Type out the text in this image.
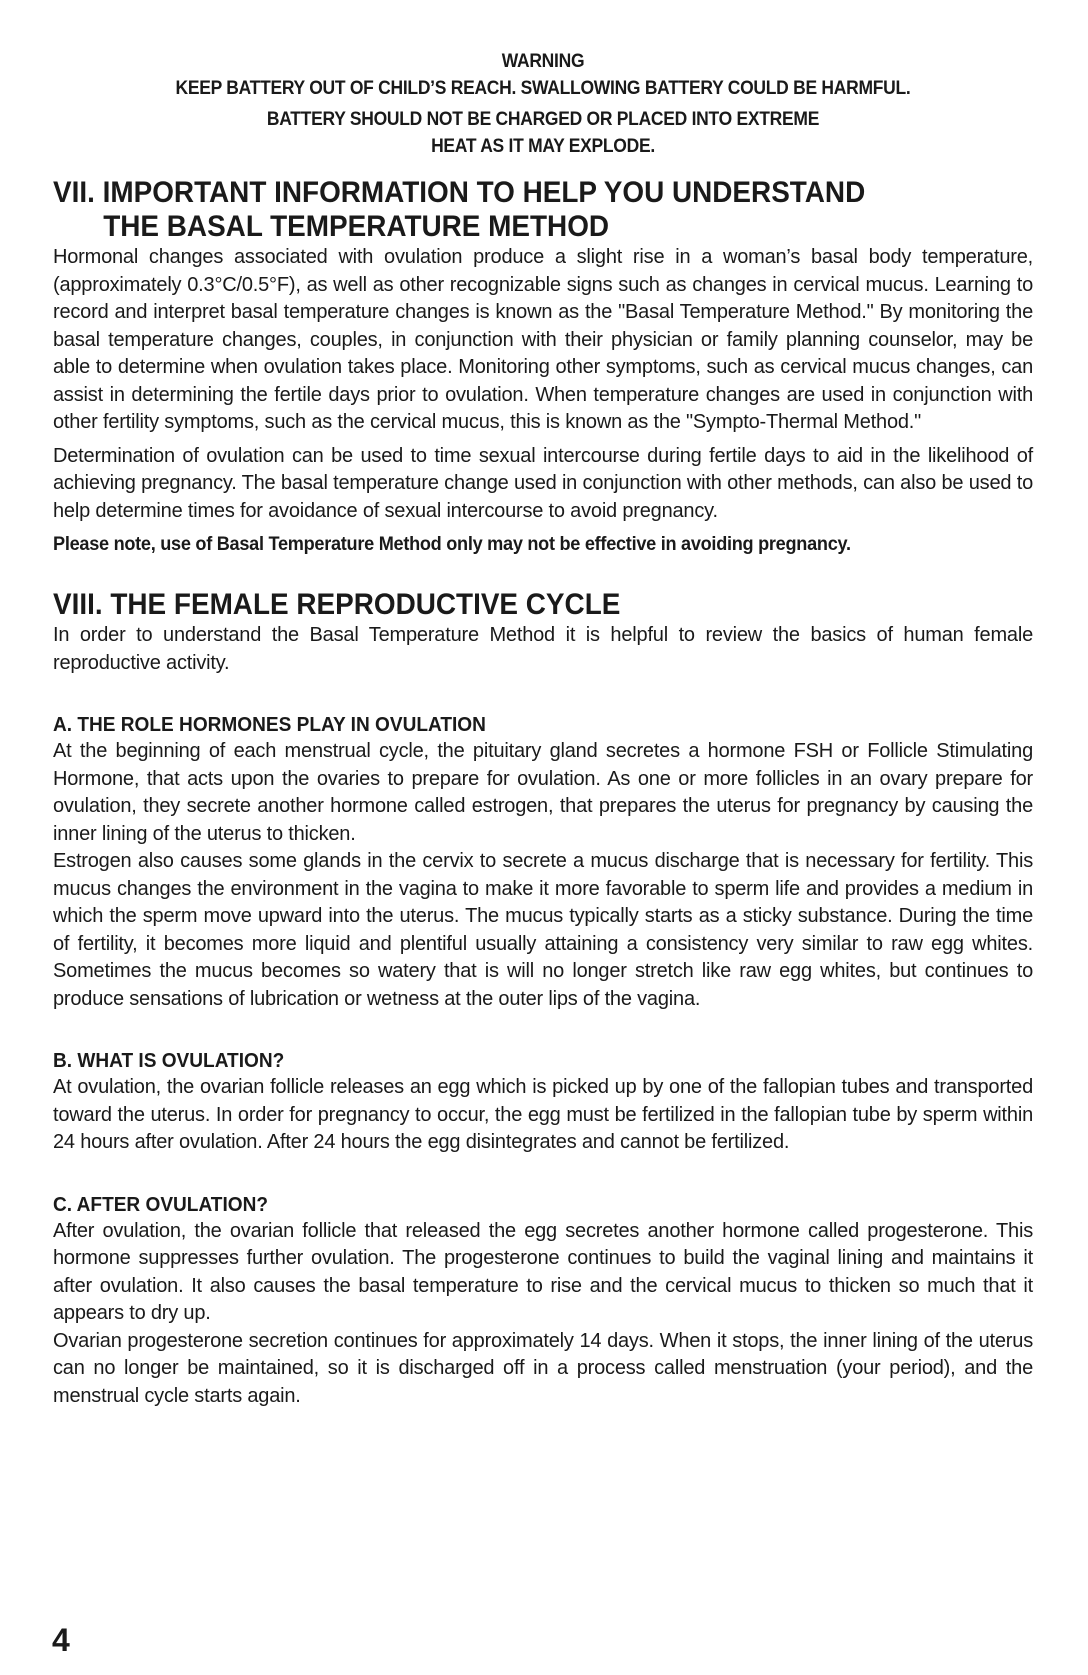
WARNING
KEEP BATTERY OUT OF CHILD’S REACH. SWALLOWING BATTERY COULD BE HARMFUL.
BATTERY SHOULD NOT BE CHARGED OR PLACED INTO EXTREME
HEAT AS IT MAY EXPLODE.
VII. IMPORTANT INFORMATION TO HELP YOU UNDERSTAND
THE BASAL TEMPERATURE METHOD

Hormonal changes associated with ovulation produce a slight rise in a woman’s basal body temperature, (approximately 0.3°C/0.5°F), as well as other recognizable signs such as changes in cervical mucus. Learning to record and interpret basal temperature changes is known as the "Basal Temperature Method." By monitoring the basal temperature changes, couples, in conjunction with their physician or family planning counselor, may be able to determine when ovulation takes place. Monitoring other symptoms, such as cervical mucus changes, can assist in determining the fertile days prior to ovulation. When temperature changes are used in conjunction with other fertility symptoms, such as the cervical mucus, this is known as the "Sympto-Thermal Method."

Determination of ovulation can be used to time sexual intercourse during fertile days to aid in the likelihood of achieving pregnancy. The basal temperature change used in conjunction with other methods, can also be used to help determine times for avoidance of sexual intercourse to avoid pregnancy.

Please note, use of Basal Temperature Method only may not be effective in avoiding pregnancy.

VIII. THE FEMALE REPRODUCTIVE CYCLE

In order to understand the Basal Temperature Method it is helpful to review the basics of human female reproductive activity.

A. THE ROLE HORMONES PLAY IN OVULATION

At the beginning of each menstrual cycle, the pituitary gland secretes a hormone FSH or Follicle Stimulating Hormone, that acts upon the ovaries to prepare for ovulation. As one or more follicles in an ovary prepare for ovulation, they secrete another hormone called estrogen, that prepares the uterus for pregnancy by causing the inner lining of the uterus to thicken.

Estrogen also causes some glands in the cervix to secrete a mucus discharge that is necessary for fertility. This mucus changes the environment in the vagina to make it more favorable to sperm life and provides a medium in which the sperm move upward into the uterus. The mucus typically starts as a sticky substance. During the time of fertility, it becomes more liquid and plentiful usually attaining a consistency very similar to raw egg whites. Sometimes the mucus becomes so watery that is will no longer stretch like raw egg whites, but continues to produce sensations of lubrication or wetness at the outer lips of the vagina.

B. WHAT IS OVULATION?

At ovulation, the ovarian follicle releases an egg which is picked up by one of the fallopian tubes and transported toward the uterus. In order for pregnancy to occur, the egg must be fertilized in the fallopian tube by sperm within 24 hours after ovulation. After 24 hours the egg disintegrates and cannot be fertilized.

C. AFTER OVULATION?

After ovulation, the ovarian follicle that released the egg secretes another hormone called progesterone. This hormone suppresses further ovulation. The progesterone continues to build the vaginal lining and maintains it after ovulation. It also causes the basal temperature to rise and the cervical mucus to thicken so much that it appears to dry up.

Ovarian progesterone secretion continues for approximately 14 days. When it stops, the inner lining of the uterus can no longer be maintained, so it is discharged off in a process called menstruation (your period), and the menstrual cycle starts again.

4
